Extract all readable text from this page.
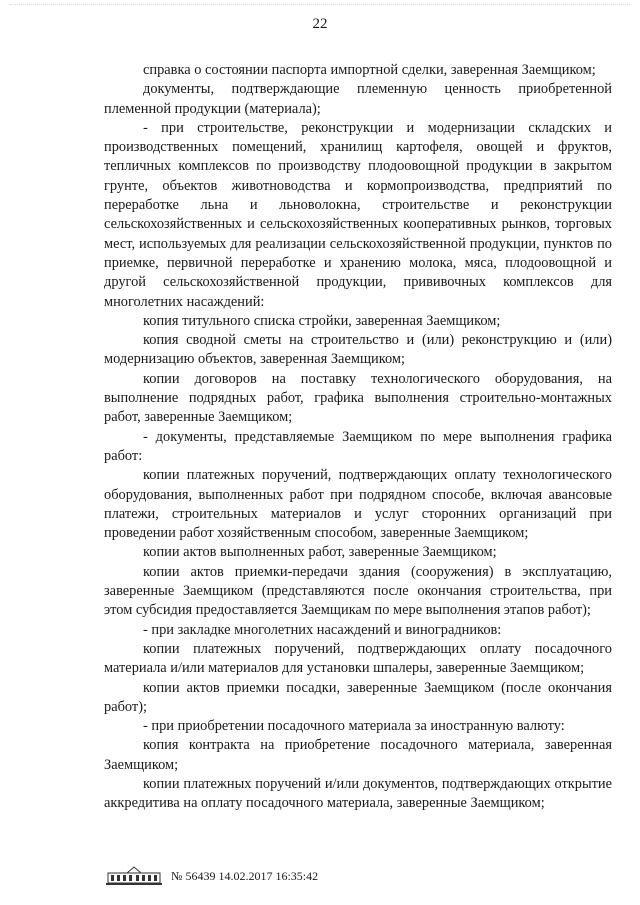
22

справка о состоянии паспорта импортной сделки, заверенная Заемщиком;

документы, подтверждающие племенную ценность приобретенной племенной продукции (материала);

- при строительстве, реконструкции и модернизации складских и производственных помещений, хранилищ картофеля, овощей и фруктов, тепличных комплексов по производству плодоовощной продукции в закрытом грунте, объектов животноводства и кормопроизводства, предприятий по переработке льна и льноволокна, строительстве и реконструкции сельскохозяйственных и сельскохозяйственных кооперативных рынков, торговых мест, используемых для реализации сельскохозяйственной продукции, пунктов по приемке, первичной переработке и хранению молока, мяса, плодоовощной и другой сельскохозяйственной продукции, прививочных комплексов для многолетних насаждений:

копия титульного списка стройки, заверенная Заемщиком;

копия сводной сметы на строительство и (или) реконструкцию и (или) модернизацию объектов, заверенная Заемщиком;

копии договоров на поставку технологического оборудования, на выполнение подрядных работ, графика выполнения строительно-монтажных работ, заверенные Заемщиком;

- документы, представляемые Заемщиком по мере выполнения графика работ:

копии платежных поручений, подтверждающих оплату технологического оборудования, выполненных работ при подрядном способе, включая авансовые платежи, строительных материалов и услуг сторонних организаций при проведении работ хозяйственным способом, заверенные Заемщиком;

копии актов выполненных работ, заверенные Заемщиком;

копии актов приемки-передачи здания (сооружения) в эксплуатацию, заверенные Заемщиком (представляются после окончания строительства, при этом субсидия предоставляется Заемщикам по мере выполнения этапов работ);

- при закладке многолетних насаждений и виноградников:

копии платежных поручений, подтверждающих оплату посадочного материала и/или материалов для установки шпалеры, заверенные Заемщиком;

копии актов приемки посадки, заверенные Заемщиком (после окончания работ);

- при приобретении посадочного материала за иностранную валюту:

копия контракта на приобретение посадочного материала, заверенная Заемщиком;

копии платежных поручений и/или документов, подтверждающих открытие аккредитива на оплату посадочного материала, заверенные Заемщиком;

№ 56439 14.02.2017 16:35:42
